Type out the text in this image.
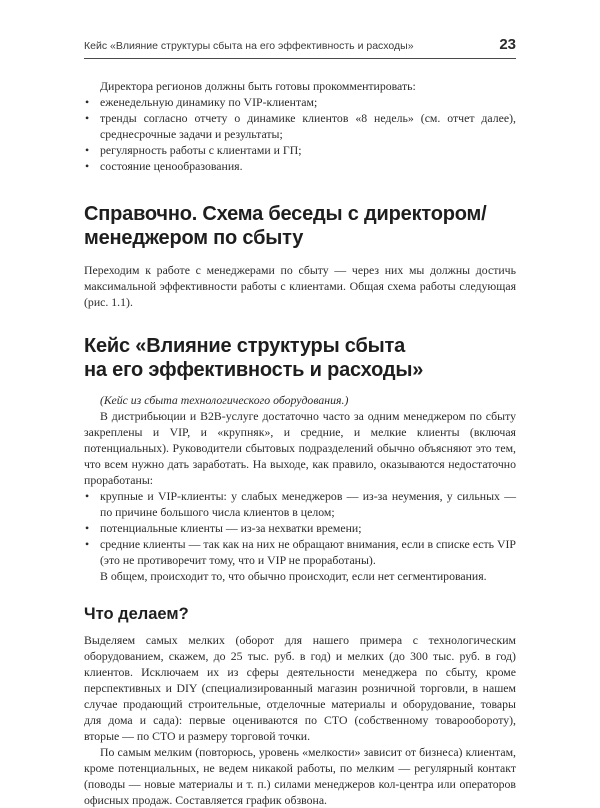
Кейс «Влияние структуры сбыта на его эффективность и расходы»	23

Директора регионов должны быть готовы прокомментировать:

• еженедельную динамику по VIP-клиентам;
• тренды согласно отчету о динамике клиентов «8 недель» (см. отчет далее), среднесрочные задачи и результаты;
• регулярность работы с клиентами и ГП;
• состояние ценообразования.
Справочно. Схема беседы с директором/
менеджером по сбыту

Переходим к работе с менеджерами по сбыту — через них мы должны достичь максимальной эффективности работы с клиентами. Общая схема работы следующая (рис. 1.1).

Кейс «Влияние структуры сбыта
на его эффективность и расходы»

(Кейс из сбыта технологического оборудования.)

В дистрибьюции и B2B-услуге достаточно часто за одним менеджером по сбыту закреплены и VIP, и «крупняк», и средние, и мелкие клиенты (включая потенциальных). Руководители сбытовых подразделений обычно объясняют это тем, что всем нужно дать заработать. На выходе, как правило, оказываются недостаточно проработаны:

• крупные и VIP-клиенты: у слабых менеджеров — из-за неумения, у сильных — по причине большого числа клиентов в целом;
• потенциальные клиенты — из-за нехватки времени;
• средние клиенты — так как на них не обращают внимания, если в списке есть VIP (это не противоречит тому, что и VIP не проработаны).

В общем, происходит то, что обычно происходит, если нет сегментирования.

Что делаем?

Выделяем самых мелких (оборот для нашего примера с технологическим оборудованием, скажем, до 25 тыс. руб. в год) и мелких (до 300 тыс. руб. в год) клиентов. Исключаем их из сферы деятельности менеджера по сбыту, кроме перспективных и DIY (специализированный магазин розничной торговли, в нашем случае продающий строительные, отделочные материалы и оборудование, товары для дома и сада): первые оцениваются по СТО (собственному товарообороту), вторые — по СТО и размеру торговой точки.

По самым мелким (повторюсь, уровень «мелкости» зависит от бизнеса) клиентам, кроме потенциальных, не ведем никакой работы, по мелким — регулярный контакт (поводы — новые материалы и т. п.) силами менеджеров кол-центра или операторов офисных продаж. Составляется график обзвона.
